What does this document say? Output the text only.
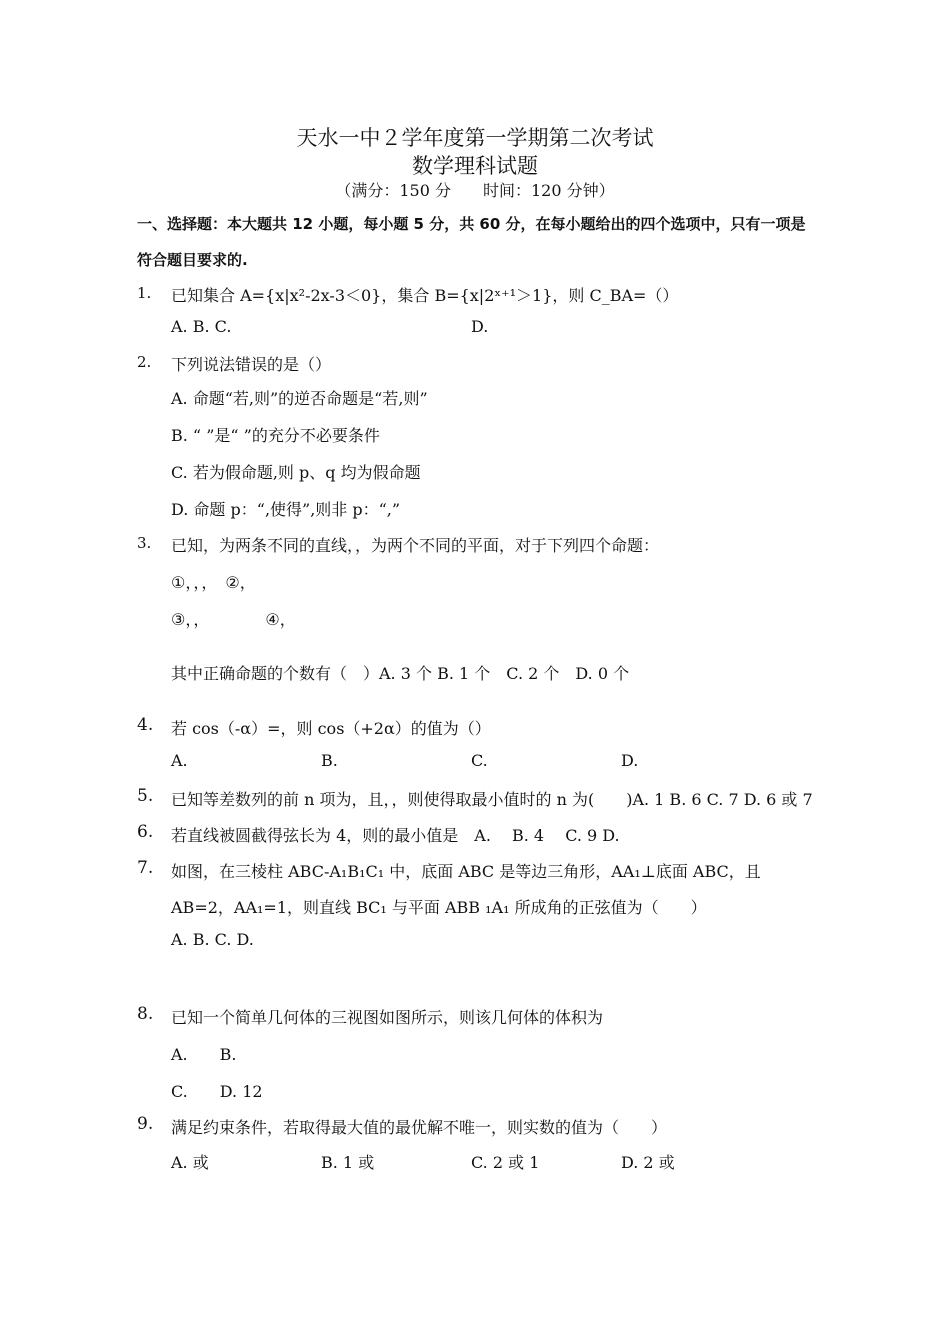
天水一中２学年度第一学期第二次考试
数学理科试题
（满分：150 分　　时间：120 分钟）
一、选择题：本大题共 12 小题，每小题 5 分，共 60 分，在每小题给出的四个选项中，只有一项是
符合题目要求的.
1. 已知集合 A={x|x²-2x-3＜0}，集合 B={x|2ˣ⁺¹＞1}，则 C_BA=（）
A. B. C.	D.
2. 下列说法错误的是（）
A. 命题“若,则”的逆否命题是“若,则”
B. “ ”是“ ”的充分不必要条件
C. 若为假命题,则 p、q 均为假命题
D. 命题 p：“,使得”,则非 p：“,”
3. 已知，为两条不同的直线，，为两个不同的平面，对于下列四个命题：
①，，，　②，
③，，　　　　④，
其中正确命题的个数有（　）A. 3 个 B. 1 个　C. 2 个　D. 0 个
4. 若 cos（-α）=，则 cos（+2α）的值为（）
A.	B.	C.	D.
5. 已知等差数列的前 n 项为，且，，则使得取最小值时的 n 为(　　)A. 1 B. 6 C. 7 D. 6 或 7
6. 若直线被圆截得弦长为 4，则的最小值是　A.　 B. 4　 C. 9 D.
7. 如图，在三棱柱 ABC-A₁B₁C₁ 中，底面 ABC 是等边三角形，AA₁⊥底面 ABC，且
AB=2，AA₁=1，则直线 BC₁ 与平面 ABB ₁A₁ 所成角的正弦值为（　　）
A. B. C. D.
8. 已知一个简单几何体的三视图如图所示，则该几何体的体积为
A.　　B.
C.　　D. 12
9. 满足约束条件，若取得最大值的最优解不唯一，则实数的值为（　　）
A. 或	B. 1 或	C. 2 或 1	D. 2 或
